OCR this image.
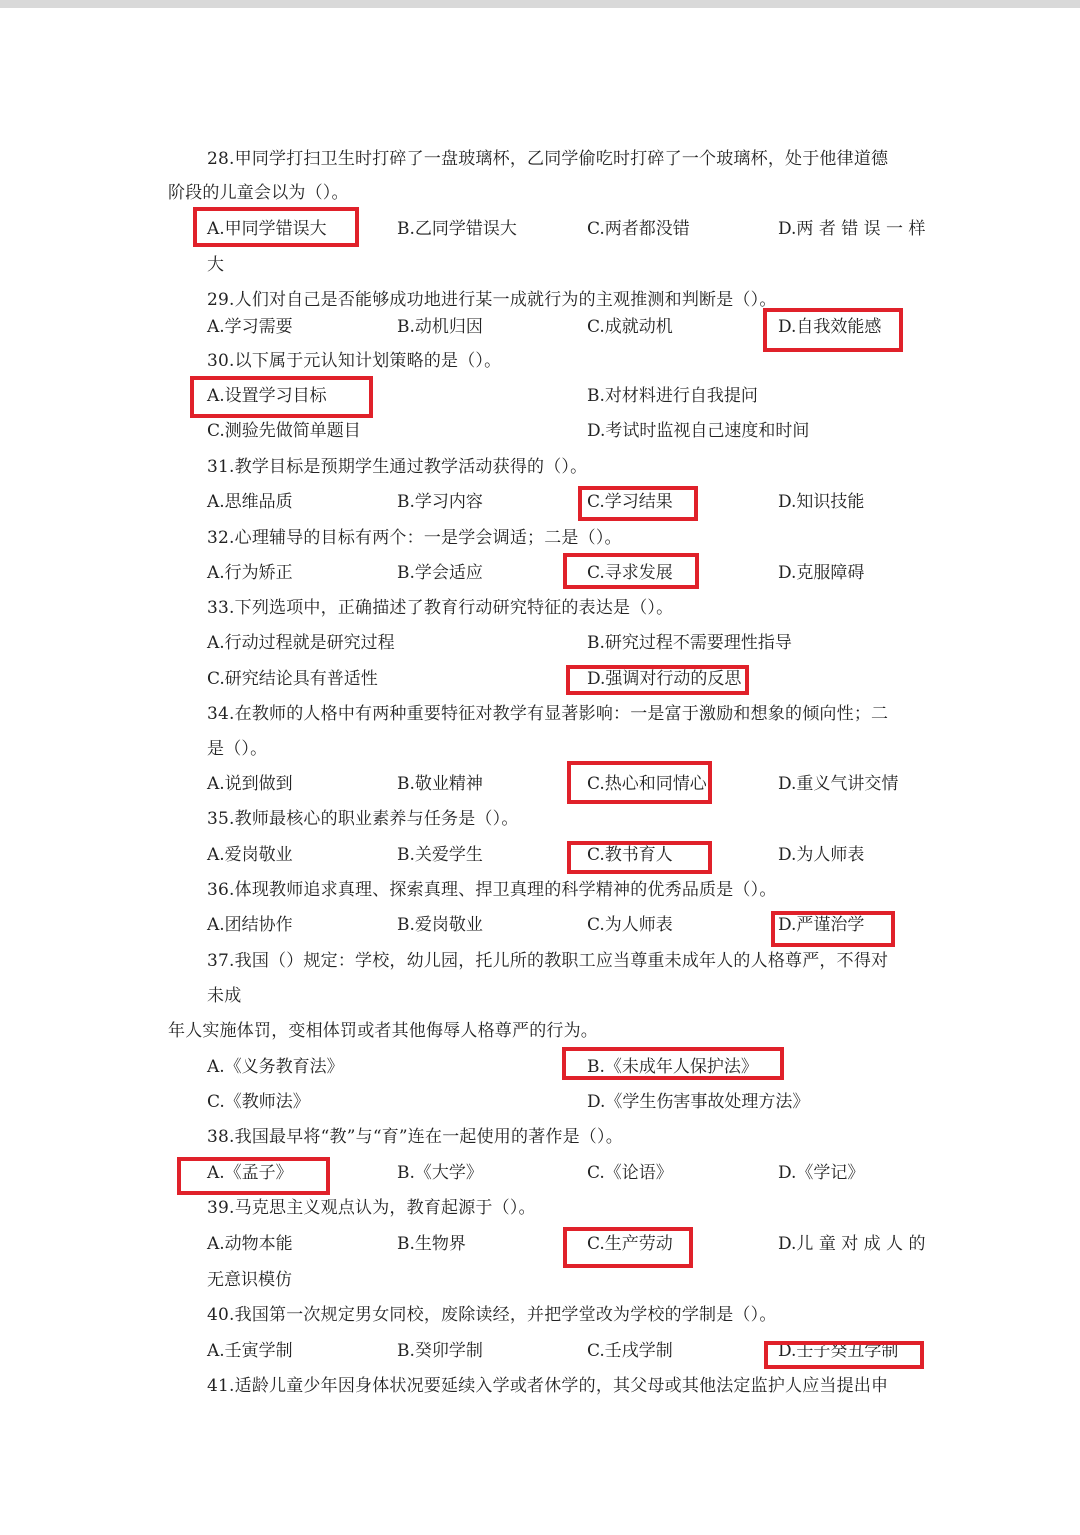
28.甲同学打扫卫生时打碎了一盘玻璃杯，乙同学偷吃时打碎了一个玻璃杯，处于他律道德
阶段的儿童会以为（）。
A.甲同学错误大	B.乙同学错误大	C.两者都没错	D.两 者 错 误 一 样
大
29.人们对自己是否能够成功地进行某一成就行为的主观推测和判断是（）。
A.学习需要	B.动机归因	C.成就动机	D.自我效能感
30.以下属于元认知计划策略的是（）。
A.设置学习目标	B.对材料进行自我提问
C.测验先做简单题目	D.考试时监视自己速度和时间
31.教学目标是预期学生通过教学活动获得的（）。
A.思维品质	B.学习内容	C.学习结果	D.知识技能
32.心理辅导的目标有两个：一是学会调适；二是（）。
A.行为矫正	B.学会适应	C.寻求发展	D.克服障碍
33.下列选项中，正确描述了教育行动研究特征的表达是（）。
A.行动过程就是研究过程	B.研究过程不需要理性指导
C.研究结论具有普适性	D.强调对行动的反思
34.在教师的人格中有两种重要特征对教学有显著影响：一是富于激励和想象的倾向性；二
是（）。
A.说到做到	B.敬业精神	C.热心和同情心	D.重义气讲交情
35.教师最核心的职业素养与任务是（）。
A.爱岗敬业	B.关爱学生	C.教书育人	D.为人师表
36.体现教师追求真理、探索真理、捍卫真理的科学精神的优秀品质是（）。
A.团结协作	B.爱岗敬业	C.为人师表	D.严谨治学
37.我国（）规定：学校，幼儿园，托儿所的教职工应当尊重未成年人的人格尊严，不得对
未成
年人实施体罚，变相体罚或者其他侮辱人格尊严的行为。
A.《义务教育法》	B.《未成年人保护法》
C.《教师法》	D.《学生伤害事故处理方法》
38.我国最早将“教”与“育”连在一起使用的著作是（）。
A.《孟子》	B.《大学》	C.《论语》	D.《学记》
39.马克思主义观点认为，教育起源于（）。
A.动物本能	B.生物界	C.生产劳动	D.儿 童 对 成 人 的
无意识模仿
40.我国第一次规定男女同校，废除读经，并把学堂改为学校的学制是（）。
A.壬寅学制	B.癸卯学制	C.壬戌学制	D.壬子癸丑学制
41.适龄儿童少年因身体状况要延续入学或者休学的，其父母或其他法定监护人应当提出申
